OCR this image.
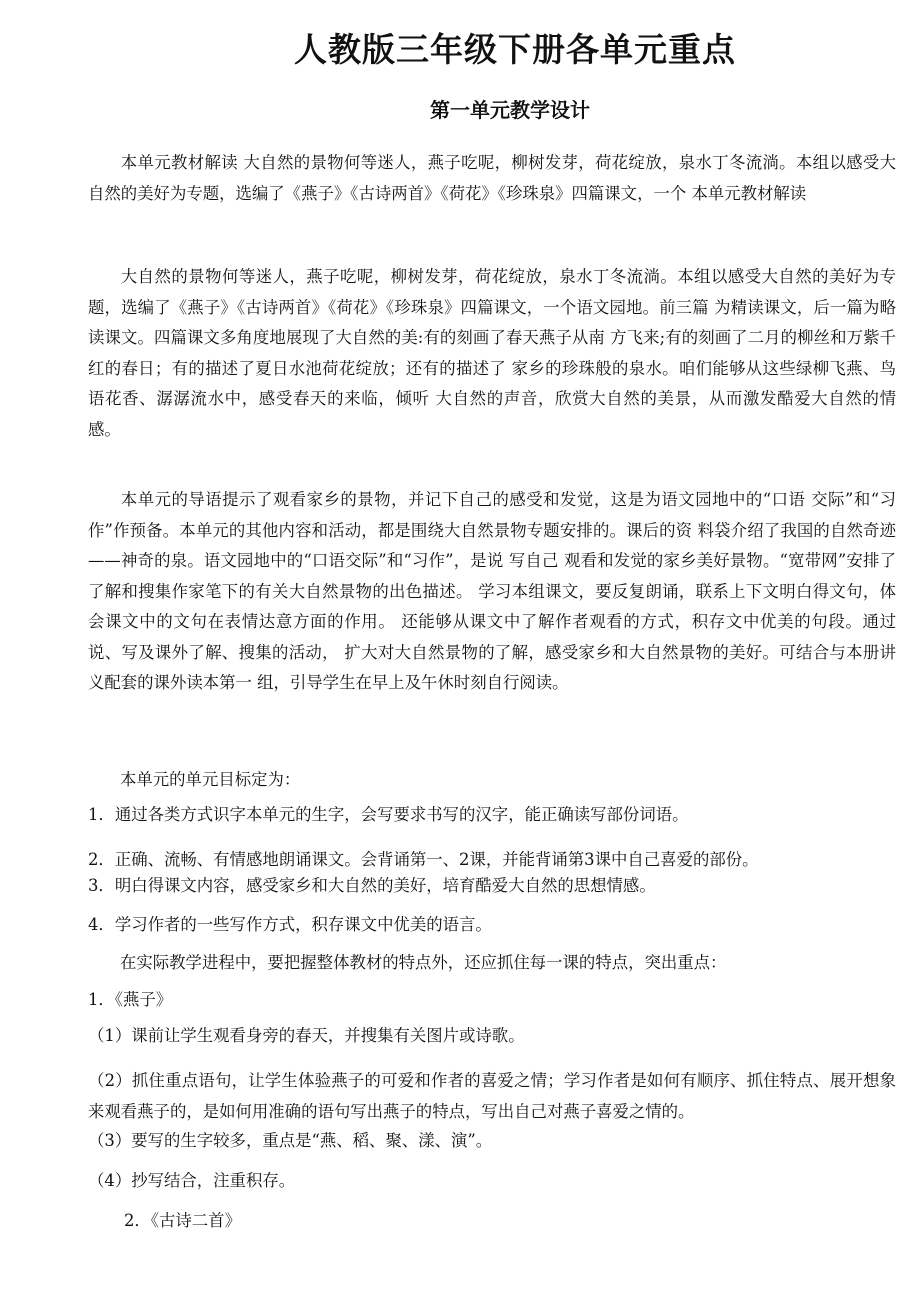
人教版三年级下册各单元重点
第一单元教学设计

本单元教材解读 大自然的景物何等迷人，燕子吃呢，柳树发芽，荷花绽放，泉水丁冬流淌。本组以感受大自然的美好为专题，选编了《燕子》《古诗两首》《荷花》《珍珠泉》四篇课文，一个 本单元教材解读

大自然的景物何等迷人，燕子吃呢，柳树发芽，荷花绽放，泉水丁冬流淌。本组以感受大自然的美好为专题，选编了《燕子》《古诗两首》《荷花》《珍珠泉》四篇课文，一个语文园地。前三篇 为精读课文，后一篇为略读课文。四篇课文多角度地展现了大自然的美:有的刻画了春天燕子从南 方飞来;有的刻画了二月的柳丝和万紫千红的春日；有的描述了夏日水池荷花绽放；还有的描述了 家乡的珍珠般的泉水。咱们能够从这些绿柳飞燕、鸟语花香、潺潺流水中，感受春天的来临，倾听 大自然的声音，欣赏大自然的美景，从而激发酷爱大自然的情感。

本单元的导语提示了观看家乡的景物，并记下自己的感受和发觉，这是为语文园地中的“口语 交际”和“习作”作预备。本单元的其他内容和活动，都是围绕大自然景物专题安排的。课后的资 料袋介绍了我国的自然奇迹——神奇的泉。语文园地中的“口语交际”和“习作”，是说 写自己 观看和发觉的家乡美好景物。“宽带网”安排了了解和搜集作家笔下的有关大自然景物的出色描述。 学习本组课文，要反复朗诵，联系上下文明白得文句，体会课文中的文句在表情达意方面的作用。 还能够从课文中了解作者观看的方式，积存文中优美的句段。通过说、写及课外了解、搜集的活动， 扩大对大自然景物的了解，感受家乡和大自然景物的美好。可结合与本册讲义配套的课外读本第一 组，引导学生在早上及午休时刻自行阅读。

本单元的单元目标定为：

1．通过各类方式识字本单元的生字，会写要求书写的汉字，能正确读写部份词语。

2．正确、流畅、有情感地朗诵课文。会背诵第一、2课，并能背诵第3课中自己喜爱的部份。

3．明白得课文内容，感受家乡和大自然的美好，培育酷爱大自然的思想情感。

4．学习作者的一些写作方式，积存课文中优美的语言。

在实际教学进程中，要把握整体教材的特点外，还应抓住每一课的特点，突出重点：

1．《燕子》

（1）课前让学生观看身旁的春天，并搜集有关图片或诗歌。

（2）抓住重点语句，让学生体验燕子的可爱和作者的喜爱之情；学习作者是如何有顺序、抓住特点、展开想象来观看燕子的，是如何用准确的语句写出燕子的特点，写出自己对燕子喜爱之情的。

（3）要写的生字较多，重点是“燕、稻、聚、漾、演”。

（4）抄写结合，注重积存。

2．《古诗二首》
